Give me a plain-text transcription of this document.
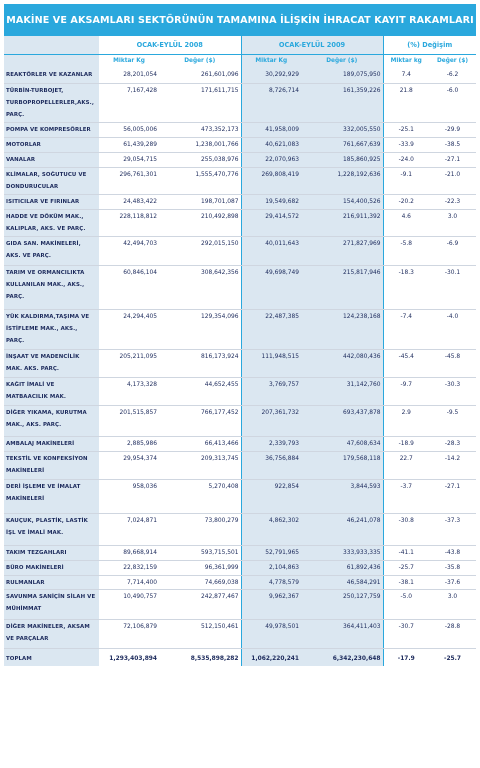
MAKİNE VE AKSAMLARI SEKTÖRÜNÜN TAMAMINA İLİŞKİN İHRACAT KAYIT RAKAMLARI
	OCAK-EYLÜL 2008		OCAK-EYLÜL 2009		(%) Değişim	
	Miktar Kg	Değer ($)	Miktar Kg	Değer ($)	Miktar kg	Değer ($)
REAKTÖRLER VE KAZANLAR	28,201,054	261,601,096	30,292,929	189,075,950	7.4	-6.2
TÜRBİN-TURBOJET, TURBOPROPELLERLER,AKS., PARÇ.	7,167,428	171,611,715	8,726,714	161,359,226	21.8	-6.0
POMPA VE KOMPRESÖRLER	56,005,006	473,352,173	41,958,009	332,005,550	-25.1	-29.9
MOTORLAR	61,439,289	1,238,001,766	40,621,083	761,667,639	-33.9	-38.5
VANALAR	29,054,715	255,038,976	22,070,963	185,860,925	-24.0	-27.1
KLİMALAR, SOĞUTUCU VE DONDURUCULAR	296,761,301	1,555,470,776	269,808,419	1,228,192,636	-9.1	-21.0
ISITICILAR VE FIRINLAR	24,483,422	198,701,087	19,549,682	154,400,526	-20.2	-22.3
HADDE VE DÖKÜM MAK., KALIPLAR, AKS. VE PARÇ.	228,118,812	210,492,898	29,414,572	216,911,392	4.6	3.0
GIDA SAN. MAKİNELERİ, AKS. VE PARÇ.	42,494,703	292,015,150	40,011,643	271,827,969	-5.8	-6.9
TARIM VE ORMANCILIKTA KULLANILAN MAK., AKS., PARÇ.	60,846,104	308,642,356	49,698,749	215,817,946	-18.3	-30.1
YÜK KALDIRMA,TAŞIMA VE İSTİFLEME MAK., AKS., PARÇ.	24,294,405	129,354,096	22,487,385	124,238,168	-7.4	-4.0
İNŞAAT VE MADENCİLİK MAK. AKS. PARÇ.	205,211,095	816,173,924	111,948,515	442,080,436	-45.4	-45.8
KAĞIT İMALİ VE MATBAACILIK MAK.	4,173,328	44,652,455	3,769,757	31,142,760	-9.7	-30.3
DİĞER YIKAMA, KURUTMA MAK., AKS. PARÇ.	201,515,857	766,177,452	207,361,732	693,437,878	2.9	-9.5
AMBALAJ MAKİNELERİ	2,885,986	66,413,466	2,339,793	47,608,634	-18.9	-28.3
TEKSTİL VE KONFEKSİYON MAKİNELERİ	29,954,374	209,313,745	36,756,884	179,568,118	22.7	-14.2
DERİ İŞLEME VE İMALAT MAKİNELERİ	958,036	5,270,408	922,854	3,844,593	-3.7	-27.1
KAUÇUK, PLASTİK, LASTİK İŞL VE İMALİ MAK.	7,024,871	73,800,279	4,862,302	46,241,078	-30.8	-37.3
TAKIM TEZGAHLARI	89,668,914	593,715,501	52,791,965	333,933,335	-41.1	-43.8
BÜRO MAKİNELERİ	22,832,159	96,361,999	2,104,863	61,892,436	-25.7	-35.8
RULMANLAR	7,714,400	74,669,038	4,778,579	46,584,291	-38.1	-37.6
SAVUNMA SANİÇİN SİLAH VE MÜHİMMAT	10,490,757	242,877,467	9,962,367	250,127,759	-5.0	3.0
DİĞER MAKİNELER, AKSAM VE PARÇALAR	72,106,879	512,150,461	49,978,501	364,411,403	-30.7	-28.8
TOPLAM	1,293,403,894	8,535,898,282	1,062,220,241	6,342,230,648	-17.9	-25.7
